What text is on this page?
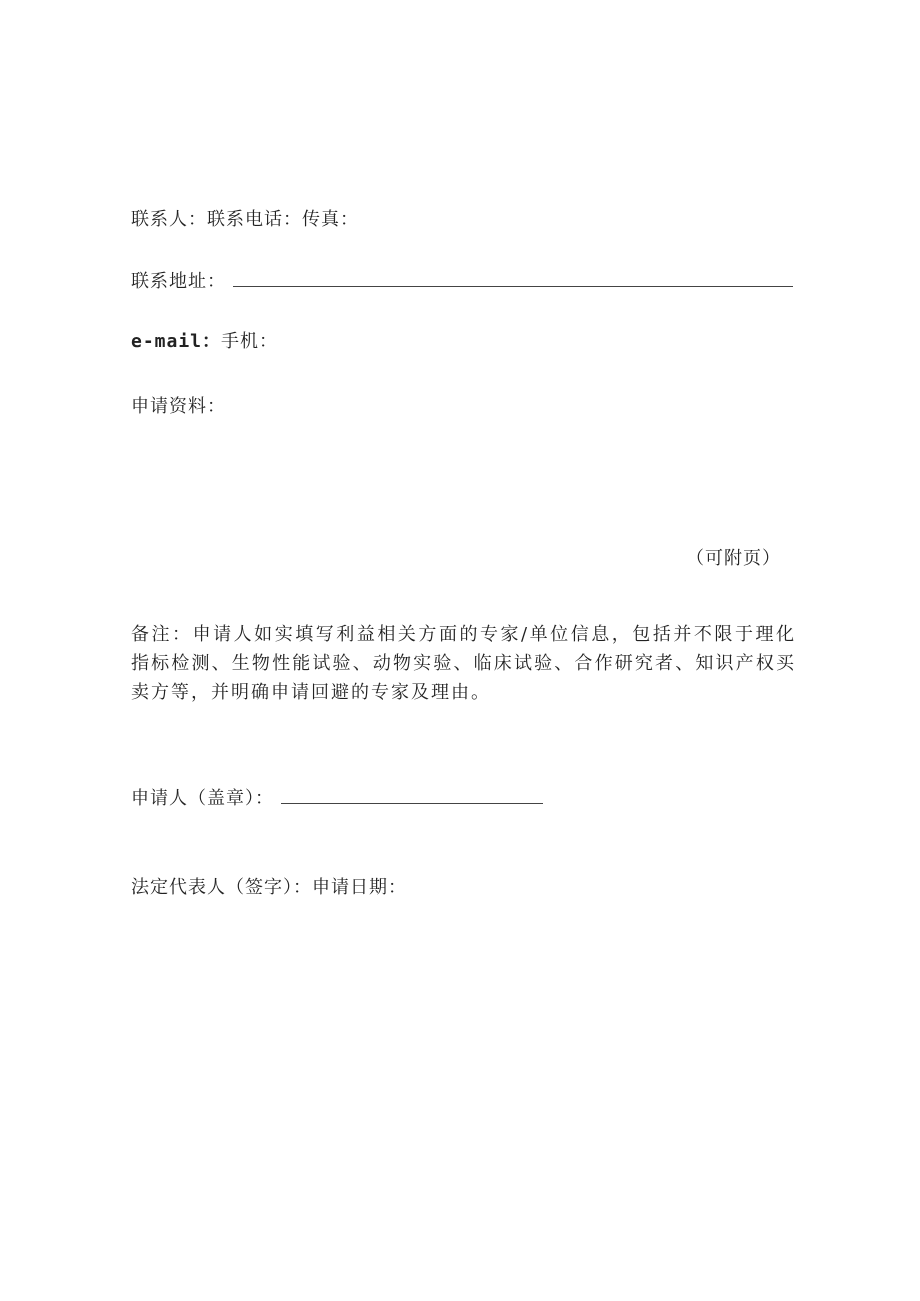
联系人：联系电话：传真：
联系地址：
e-mail：手机：
申请资料：
（可附页）
备注：申请人如实填写利益相关方面的专家/单位信息，包括并不限于理化指标检测、生物性能试验、动物实验、临床试验、合作研究者、知识产权买卖方等，并明确申请回避的专家及理由。
申请人（盖章）：
法定代表人（签字）：申请日期：
